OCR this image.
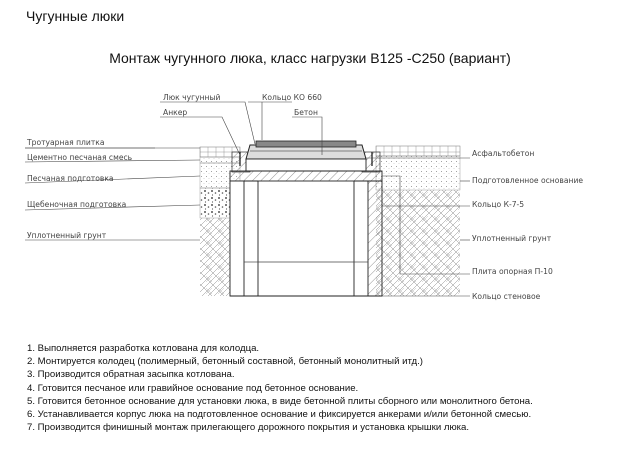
Чугунные люки
Монтаж чугунного люка, класс нагрузки B125 -C250 (вариант)
Люк чугунный	Кольцо КО 660
Анкер	Бетон
Тротуарная плитка
Цементно песчаная смесь
Песчаная подготовка
Щебеночная подготовка
Уплотненный грунт
Асфальтобетон
Подготовленное основание
Кольцо К-7-5
Уплотненный грунт
Плита опорная П-10
Кольцо стеновое
1. Выполняется разработка котлована для колодца.
2. Монтируется колодец (полимерный, бетонный составной, бетонный монолитный итд.)
3. Производится обратная засыпка котлована.
4. Готовится песчаное или гравийное основание под бетонное основание.
5. Готовится бетонное основание для установки люка, в виде бетонной плиты сборного или монолитного бетона.
6. Устанавливается корпус люка на подготовленное основание и фиксируется анкерами и/или бетонной смесью.
7. Производится финишный монтаж прилегающего дорожного покрытия и установка крышки люка.
